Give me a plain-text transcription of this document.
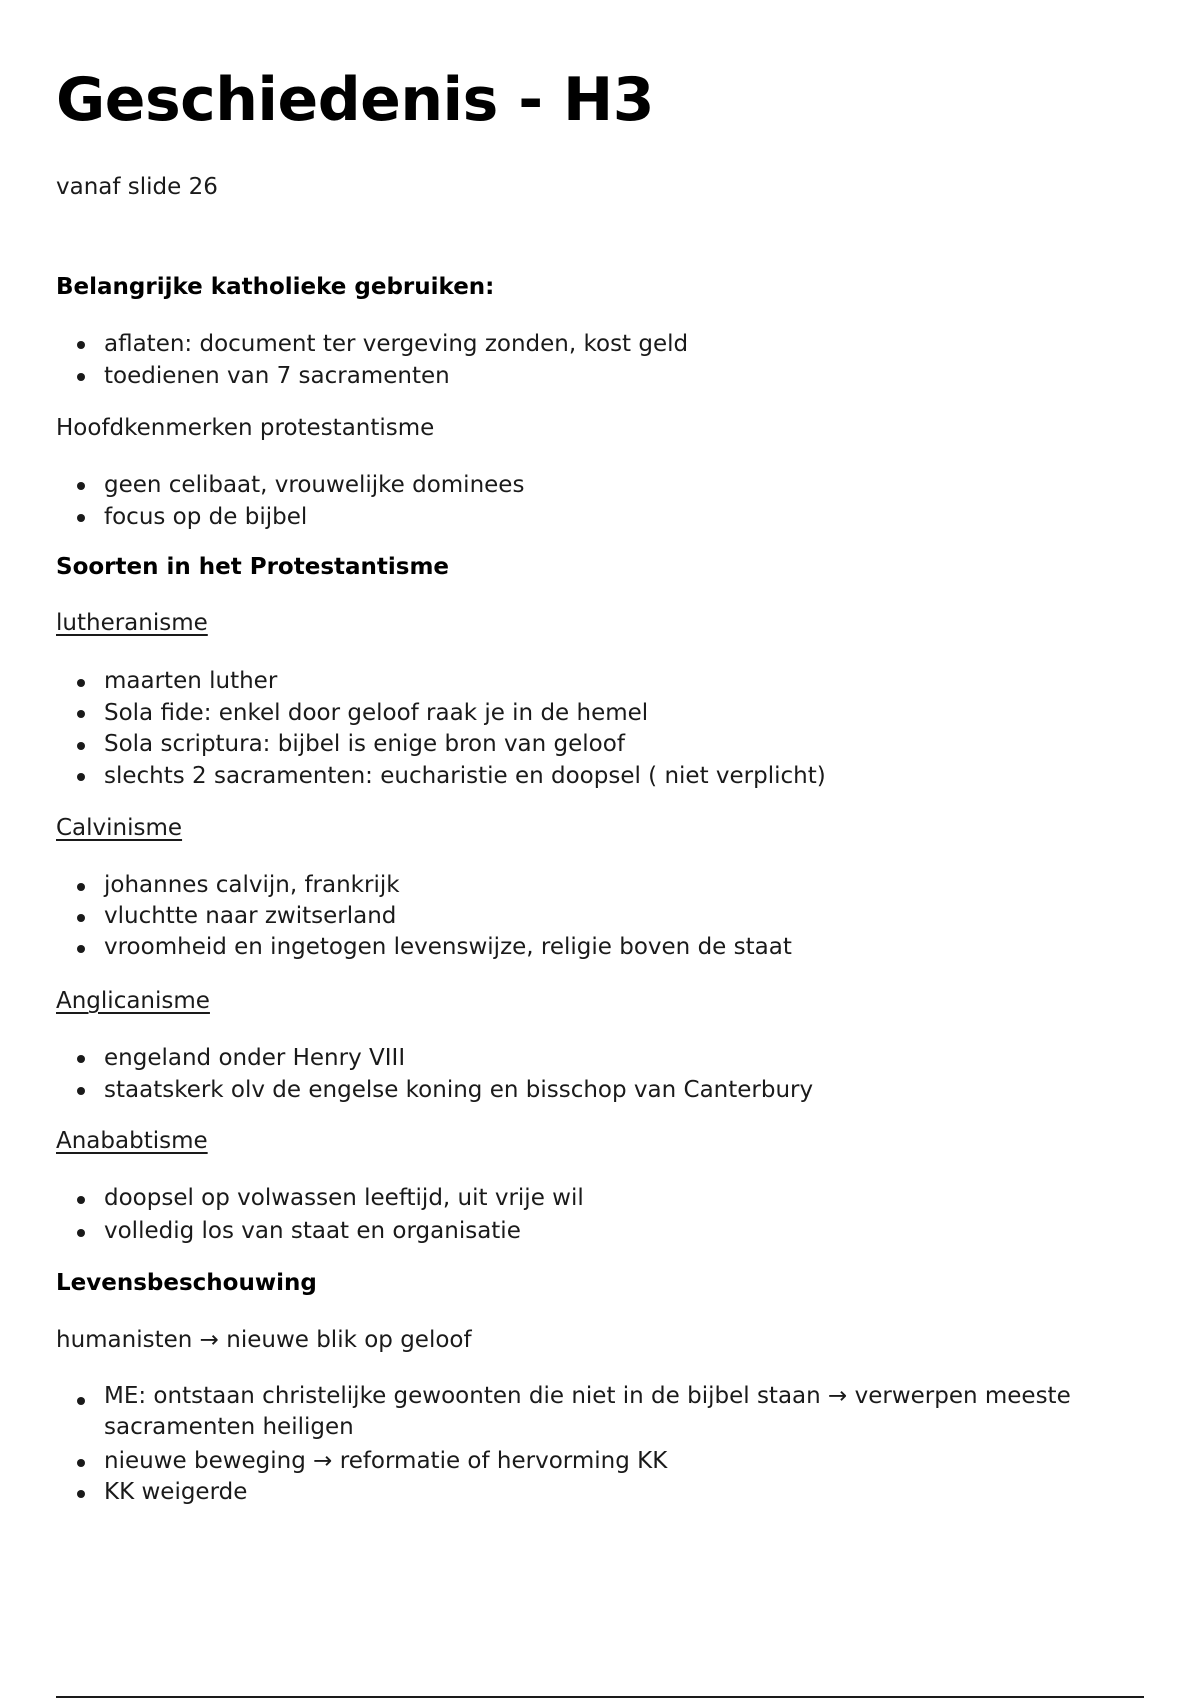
Geschiedenis - H3
vanaf slide 26
Belangrijke katholieke gebruiken:
aflaten: document ter vergeving zonden, kost geld
toedienen van 7 sacramenten
Hoofdkenmerken protestantisme
geen celibaat, vrouwelijke dominees
focus op de bijbel
Soorten in het Protestantisme
lutheranisme
maarten luther
Sola fide: enkel door geloof raak je in de hemel
Sola scriptura: bijbel is enige bron van geloof
slechts 2 sacramenten: eucharistie en doopsel ( niet verplicht)
Calvinisme
johannes calvijn, frankrijk
vluchtte naar zwitserland
vroomheid en ingetogen levenswijze, religie boven de staat
Anglicanisme
engeland onder Henry VIII
staatskerk olv de engelse koning en bisschop van Canterbury
Anababtisme
doopsel op volwassen leeftijd, uit vrije wil
volledig los van staat en organisatie
Levensbeschouwing
humanisten → nieuwe blik op geloof
ME: ontstaan christelijke gewoonten die niet in de bijbel staan → verwerpen meeste
sacramenten heiligen
nieuwe beweging → reformatie of hervorming KK
KK weigerde
